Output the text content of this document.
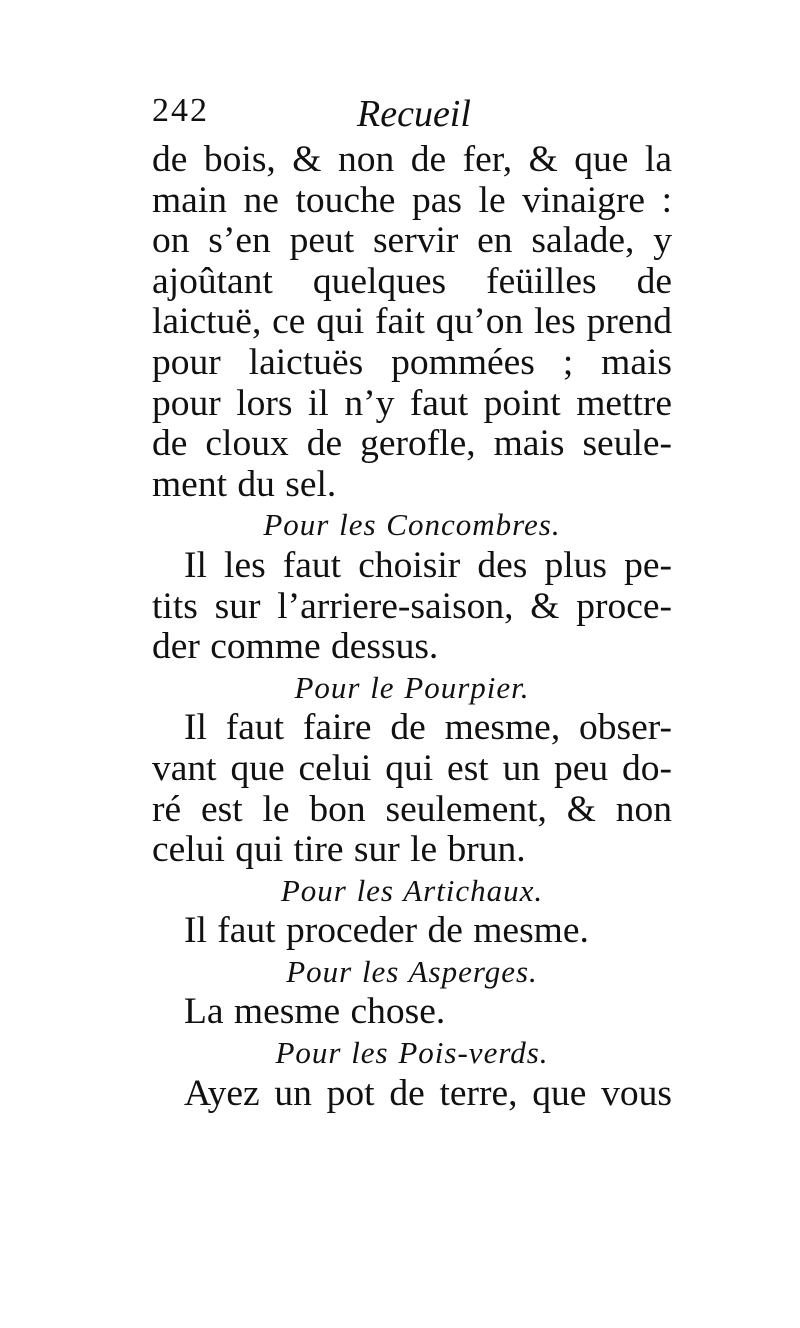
242	Recueil
de bois, & non de fer, & que la
main ne touche pas le vinaigre :
on s’en peut servir en salade, y
ajoûtant quelques feüilles de
laictuë, ce qui fait qu’on les prend
pour laictuës pommées ; mais
pour lors il n’y faut point mettre
de cloux de gerofle, mais seule-
ment du sel.
Pour les Concombres.
Il les faut choisir des plus pe-
tits sur l’arriere-saison, & proce-
der comme dessus.
Pour le Pourpier.
Il faut faire de mesme, obser-
vant que celui qui est un peu do-
ré est le bon seulement, & non
celui qui tire sur le brun.
Pour les Artichaux.
Il faut proceder de mesme.
Pour les Asperges.
La mesme chose.
Pour les Pois-verds.
Ayez un pot de terre, que vous
